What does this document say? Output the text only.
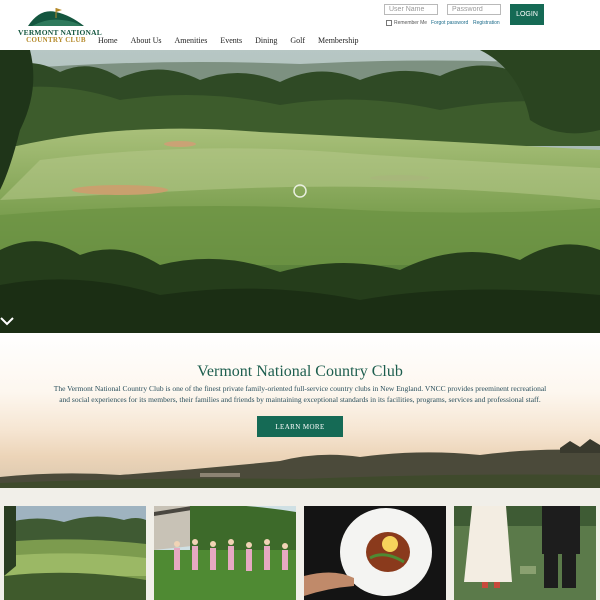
VERMONT NATIONAL
COUNTRY CLUB	Home About Us Amenities Events Dining Golf Membership
User Name
LOGIN
Remember Me Forgot password Registration
Vermont National Country Club
The Vermont National Country Club is one of the finest private family-oriented full-service country clubs in New England. VNCC provides preeminent recreational and social experiences for its members, their families and friends by maintaining exceptional standards in its facilities, programs, services and professional staff.
LEARN MORE
